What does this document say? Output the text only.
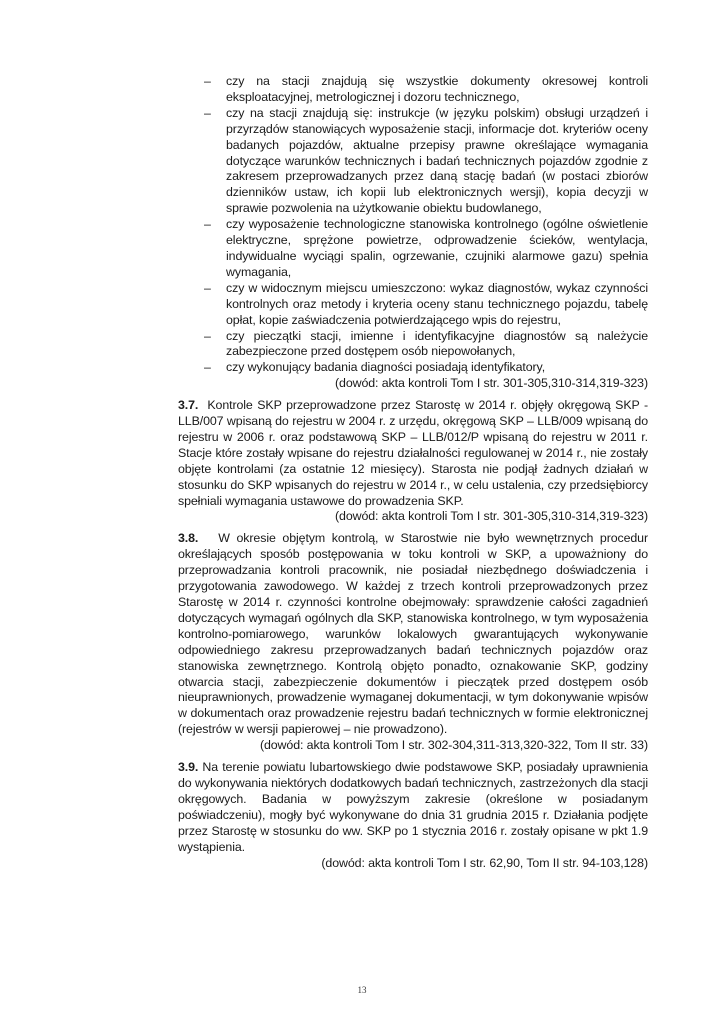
– czy na stacji znajdują się wszystkie dokumenty okresowej kontroli eksploatacyjnej, metrologicznej i dozoru technicznego,
– czy na stacji znajdują się: instrukcje (w języku polskim) obsługi urządzeń i przyrządów stanowiących wyposażenie stacji, informacje dot. kryteriów oceny badanych pojazdów, aktualne przepisy prawne określające wymagania dotyczące warunków technicznych i badań technicznych pojazdów zgodnie z zakresem przeprowadzanych przez daną stację badań (w postaci zbiorów dzienników ustaw, ich kopii lub elektronicznych wersji), kopia decyzji w sprawie pozwolenia na użytkowanie obiektu budowlanego,
– czy wyposażenie technologiczne stanowiska kontrolnego (ogólne oświetlenie elektryczne, sprężone powietrze, odprowadzenie ścieków, wentylacja, indywidualne wyciągi spalin, ogrzewanie, czujniki alarmowe gazu) spełnia wymagania,
– czy w widocznym miejscu umieszczono: wykaz diagnostów, wykaz czynności kontrolnych oraz metody i kryteria oceny stanu technicznego pojazdu, tabelę opłat, kopie zaświadczenia potwierdzającego wpis do rejestru,
– czy pieczątki stacji, imienne i identyfikacyjne diagnostów są należycie zabezpieczone przed dostępem osób niepowołanych,
– czy wykonujący badania diagności posiadają identyfikatory,
(dowód: akta kontroli Tom I str. 301-305,310-314,319-323)
3.7. Kontrole SKP przeprowadzone przez Starostę w 2014 r. objęły okręgową SKP - LLB/007 wpisaną do rejestru w 2004 r. z urzędu, okręgową SKP – LLB/009 wpisaną do rejestru w 2006 r. oraz podstawową SKP – LLB/012/P wpisaną do rejestru w 2011 r. Stacje które zostały wpisane do rejestru działalności regulowanej w 2014 r., nie zostały objęte kontrolami (za ostatnie 12 miesięcy). Starosta nie podjął żadnych działań w stosunku do SKP wpisanych do rejestru w 2014 r., w celu ustalenia, czy przedsiębiorcy spełniali wymagania ustawowe do prowadzenia SKP.
(dowód: akta kontroli Tom I str. 301-305,310-314,319-323)
3.8. W okresie objętym kontrolą, w Starostwie nie było wewnętrznych procedur określających sposób postępowania w toku kontroli w SKP, a upoważniony do przeprowadzania kontroli pracownik, nie posiadał niezbędnego doświadczenia i przygotowania zawodowego. W każdej z trzech kontroli przeprowadzonych przez Starostę w 2014 r. czynności kontrolne obejmowały: sprawdzenie całości zagadnień dotyczących wymagań ogólnych dla SKP, stanowiska kontrolnego, w tym wyposażenia kontrolno-pomiarowego, warunków lokalowych gwarantujących wykonywanie odpowiedniego zakresu przeprowadzanych badań technicznych pojazdów oraz stanowiska zewnętrznego. Kontrolą objęto ponadto, oznakowanie SKP, godziny otwarcia stacji, zabezpieczenie dokumentów i pieczątek przed dostępem osób nieuprawnionych, prowadzenie wymaganej dokumentacji, w tym dokonywanie wpisów w dokumentach oraz prowadzenie rejestru badań technicznych w formie elektronicznej (rejestrów w wersji papierowej – nie prowadzono).
(dowód: akta kontroli Tom I str. 302-304,311-313,320-322, Tom II str. 33)
3.9. Na terenie powiatu lubartowskiego dwie podstawowe SKP, posiadały uprawnienia do wykonywania niektórych dodatkowych badań technicznych, zastrzeżonych dla stacji okręgowych. Badania w powyższym zakresie (określone w posiadanym poświadczeniu), mogły być wykonywane do dnia 31 grudnia 2015 r. Działania podjęte przez Starostę w stosunku do ww. SKP po 1 stycznia 2016 r. zostały opisane w pkt 1.9 wystąpienia.
(dowód: akta kontroli Tom I str. 62,90, Tom II str. 94-103,128)
13
